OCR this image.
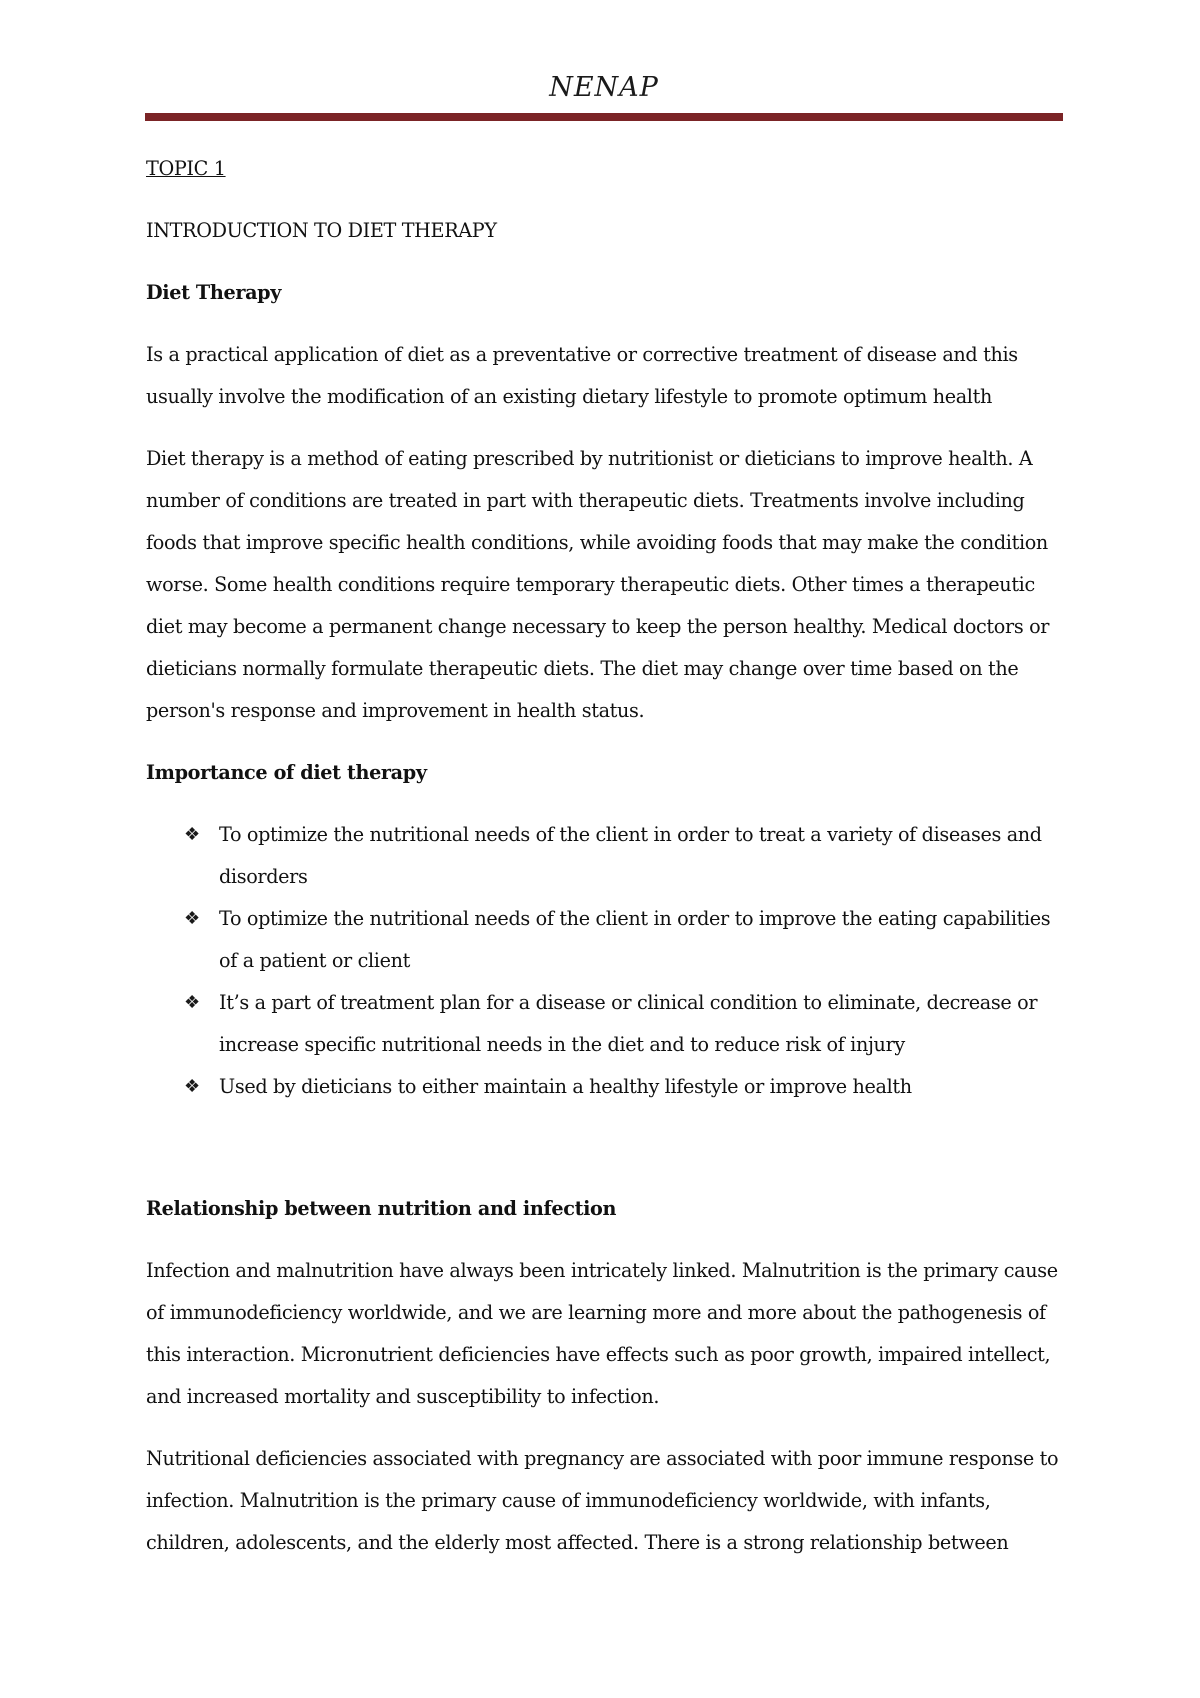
NENAP

TOPIC 1

INTRODUCTION TO DIET THERAPY

Diet Therapy

Is a practical application of diet as a preventative or corrective treatment of disease and this usually involve the modification of an existing dietary lifestyle to promote optimum health

Diet therapy is a method of eating prescribed by nutritionist or dieticians to improve health. A number of conditions are treated in part with therapeutic diets. Treatments involve including foods that improve specific health conditions, while avoiding foods that may make the condition worse. Some health conditions require temporary therapeutic diets. Other times a therapeutic diet may become a permanent change necessary to keep the person healthy. Medical doctors or dieticians normally formulate therapeutic diets. The diet may change over time based on the person's response and improvement in health status.

Importance of diet therapy

❖ To optimize the nutritional needs of the client in order to treat a variety of diseases and disorders
❖ To optimize the nutritional needs of the client in order to improve the eating capabilities of a patient or client
❖ It’s a part of treatment plan for a disease or clinical condition to eliminate, decrease or increase specific nutritional needs in the diet and to reduce risk of injury
❖ Used by dieticians to either maintain a healthy lifestyle or improve health

Relationship between nutrition and infection

Infection and malnutrition have always been intricately linked. Malnutrition is the primary cause of immunodeficiency worldwide, and we are learning more and more about the pathogenesis of this interaction. Micronutrient deficiencies have effects such as poor growth, impaired intellect, and increased mortality and susceptibility to infection.

Nutritional deficiencies associated with pregnancy are associated with poor immune response to infection. Malnutrition is the primary cause of immunodeficiency worldwide, with infants, children, adolescents, and the elderly most affected. There is a strong relationship between
